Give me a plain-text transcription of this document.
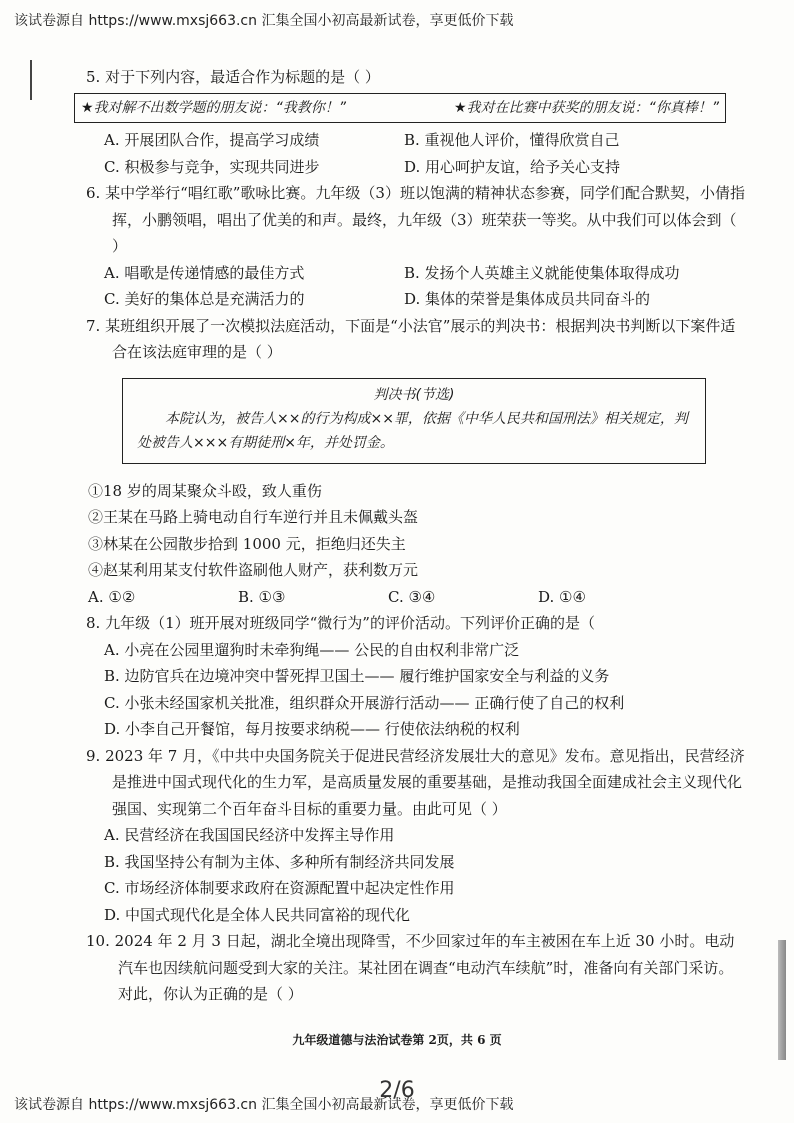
该试卷源自 https://www.mxsj663.cn 汇集全国小初高最新试卷，享更低价下载

5. 对于下列内容，最适合作为标题的是（ ）

★我对解不出数学题的朋友说：“我教你！”	★我对在比赛中获奖的朋友说：“你真棒！”
A. 开展团队合作，提高学习成绩	B. 重视他人评价，懂得欣赏自己
C. 积极参与竞争，实现共同进步	D. 用心呵护友谊，给予关心支持

6. 某中学举行“唱红歌”歌咏比赛。九年级（3）班以饱满的精神状态参赛，同学们配合默契，小倩指挥，小鹏领唱，唱出了优美的和声。最终，九年级（3）班荣获一等奖。从中我们可以体会到（ ）

A. 唱歌是传递情感的最佳方式	B. 发扬个人英雄主义就能使集体取得成功
C. 美好的集体总是充满活力的	D. 集体的荣誉是集体成员共同奋斗的

7. 某班组织开展了一次模拟法庭活动，下面是“小法官”展示的判决书：根据判决书判断以下案件适合在该法庭审理的是（ ）

判决书(节选)
本院认为，被告人××的行为构成××罪，依据《中华人民共和国刑法》相关规定，判处被告人×××有期徒刑×年，并处罚金。
①18 岁的周某聚众斗殴，致人重伤
②王某在马路上骑电动自行车逆行并且未佩戴头盔
③林某在公园散步拾到 1000 元，拒绝归还失主
④赵某利用某支付软件盗刷他人财产，获利数万元
A. ①②	B. ①③	C. ③④	D. ①④

8. 九年级（1）班开展对班级同学“微行为”的评价活动。下列评价正确的是（

A. 小亮在公园里遛狗时未牵狗绳—— 公民的自由权利非常广泛
B. 边防官兵在边境冲突中誓死捍卫国土—— 履行维护国家安全与利益的义务
C. 小张未经国家机关批准，组织群众开展游行活动—— 正确行使了自己的权利
D. 小李自己开餐馆，每月按要求纳税—— 行使依法纳税的权利

9. 2023 年 7 月，《中共中央国务院关于促进民营经济发展壮大的意见》发布。意见指出，民营经济是推进中国式现代化的生力军，是高质量发展的重要基础，是推动我国全面建成社会主义现代化强国、实现第二个百年奋斗目标的重要力量。由此可见（ ）

A. 民营经济在我国国民经济中发挥主导作用
B. 我国坚持公有制为主体、多种所有制经济共同发展
C. 市场经济体制要求政府在资源配置中起决定性作用
D. 中国式现代化是全体人民共同富裕的现代化

10. 2024 年 2 月 3 日起，湖北全境出现降雪，不少回家过年的车主被困在车上近 30 小时。电动汽车也因续航问题受到大家的关注。某社团在调查“电动汽车续航”时，准备向有关部门采访。对此，你认为正确的是（ ）

九年级道德与法治试卷第 2页，共 6 页
2/6
该试卷源自 https://www.mxsj663.cn 汇集全国小初高最新试卷，享更低价下载
